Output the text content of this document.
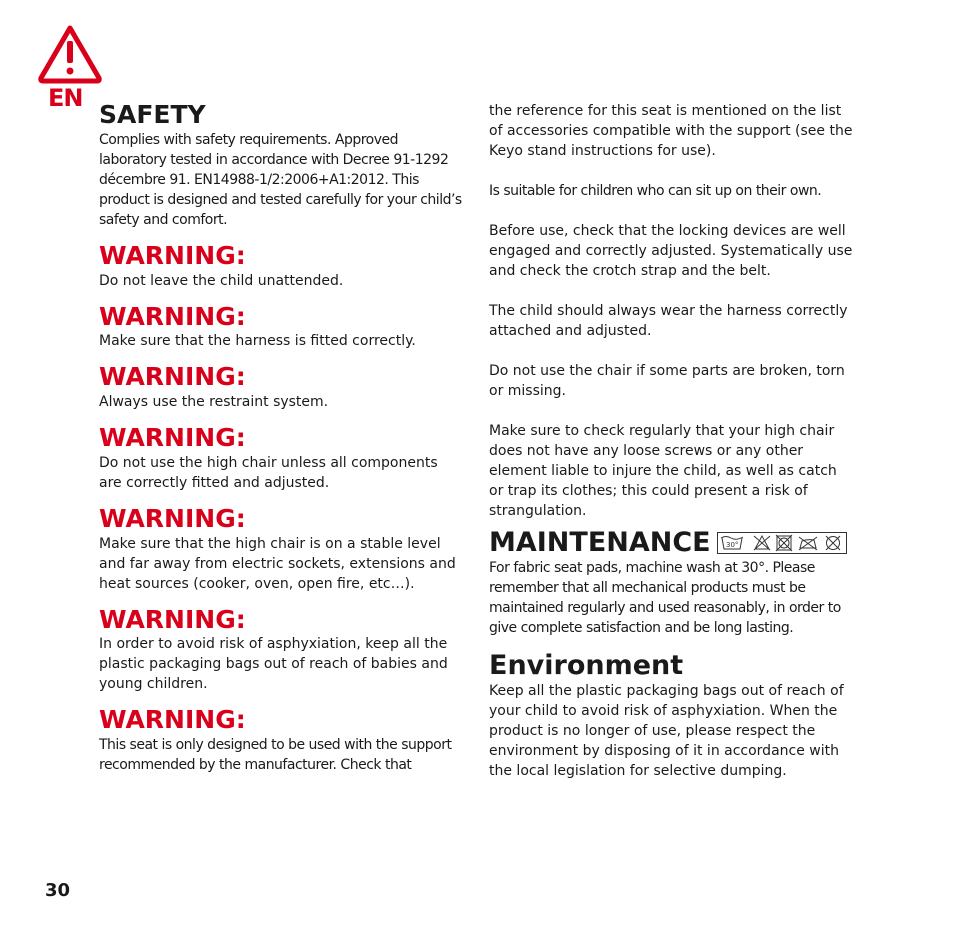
EN
SAFETY

Complies with safety requirements. Approved laboratory tested in accordance with Decree 91-1292 décembre 91. EN14988-1/2:2006+A1:2012. This product is designed and tested carefully for your child’s safety and comfort.

WARNING:

Do not leave the child unattended.

WARNING:

Make sure that the harness is fitted correctly.

WARNING:

Always use the restraint system.

WARNING:

Do not use the high chair unless all components are correctly fitted and adjusted.

WARNING:

Make sure that the high chair is on a stable level and far away from electric sockets, extensions and heat sources (cooker, oven, open fire, etc…).

WARNING:

In order to avoid risk of asphyxiation, keep all the plastic packaging bags out of reach of babies and young children.

WARNING:

This seat is only designed to be used with the support recommended by the manufacturer. Check that

the reference for this seat is mentioned on the list of accessories compatible with the support (see the Keyo stand instructions for use).

Is suitable for children who can sit up on their own.

Before use, check that the locking devices are well engaged and correctly adjusted. Systematically use and check the crotch strap and the belt.

The child should always wear the harness correctly attached and adjusted.

Do not use the chair if some parts are broken, torn or missing.

Make sure to check regularly that your high chair does not have any loose screws or any other element liable to injure the child, as well as catch or trap its clothes; this could present a risk of strangulation.

MAINTENANCE 30°

For fabric seat pads, machine wash at 30°. Please remember that all mechanical products must be maintained regularly and used reasonably, in order to give complete satisfaction and be long lasting.

Environment

Keep all the plastic packaging bags out of reach of your child to avoid risk of asphyxiation. When the product is no longer of use, please respect the environment by disposing of it in accordance with the local legislation for selective dumping.

30
